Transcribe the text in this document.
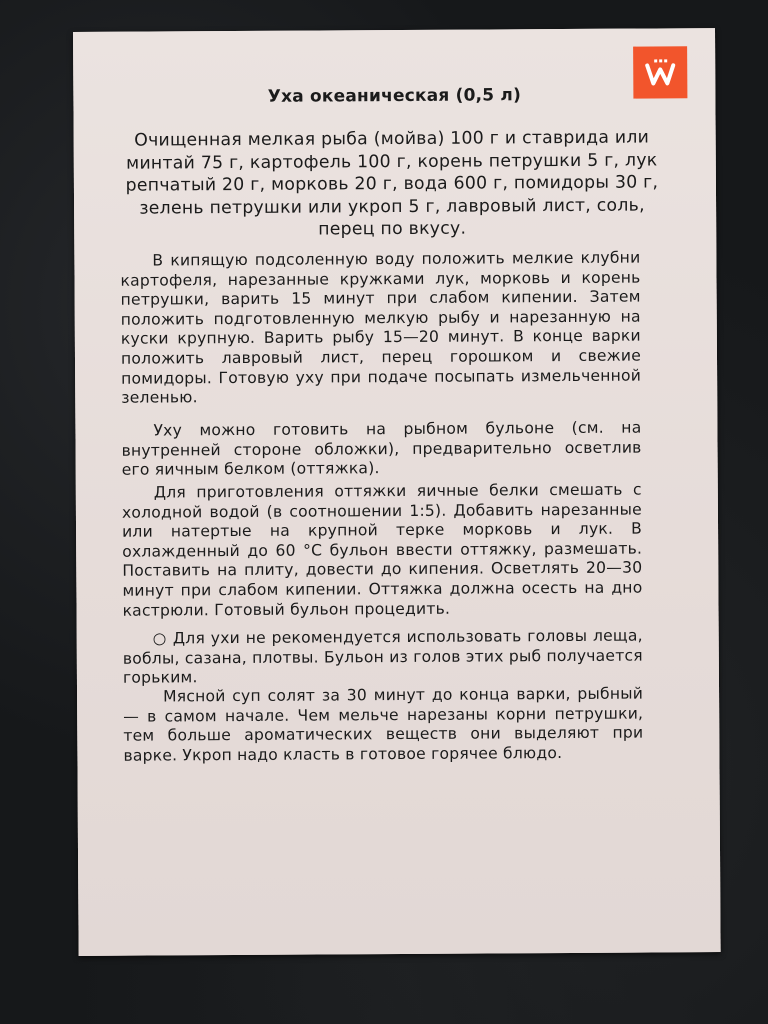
Уха океаническая (0,5 л)

Очищенная мелкая рыба (мойва) 100 г и ставрида или минтай 75 г, картофель 100 г, корень петрушки 5 г, лук репчатый 20 г, морковь 20 г, вода 600 г, помидоры 30 г, зелень петрушки или укроп 5 г, лавровый лист, соль, перец по вкусу.

В кипящую подсоленную воду положить мелкие клубни картофеля, нарезанные кружками лук, морковь и корень петрушки, варить 15 минут при слабом кипении. Затем положить подготовленную мелкую рыбу и нарезанную на куски крупную. Варить рыбу 15—20 минут. В конце варки положить лавровый лист, перец горошком и свежие помидоры. Готовую уху при подаче посыпать измельченной зеленью.

Уху можно готовить на рыбном бульоне (см. на внутренней стороне обложки), предварительно осветлив его яичным белком (оттяжка).

Для приготовления оттяжки яичные белки смешать с холодной водой (в соотношении 1:5). Добавить нарезанные или натертые на крупной терке морковь и лук. В охлажденный до 60 °С бульон ввести оттяжку, размешать. Поставить на плиту, довести до кипения. Осветлять 20—30 минут при слабом кипении. Оттяжка должна осесть на дно кастрюли. Готовый бульон процедить.

○ Для ухи не рекомендуется использовать головы леща, воблы, сазана, плотвы. Бульон из голов этих рыб получается горьким.

Мясной суп солят за 30 минут до конца варки, рыбный — в самом начале. Чем мельче нарезаны корни петрушки, тем больше ароматических веществ они выделяют при варке. Укроп надо класть в готовое горячее блюдо.
